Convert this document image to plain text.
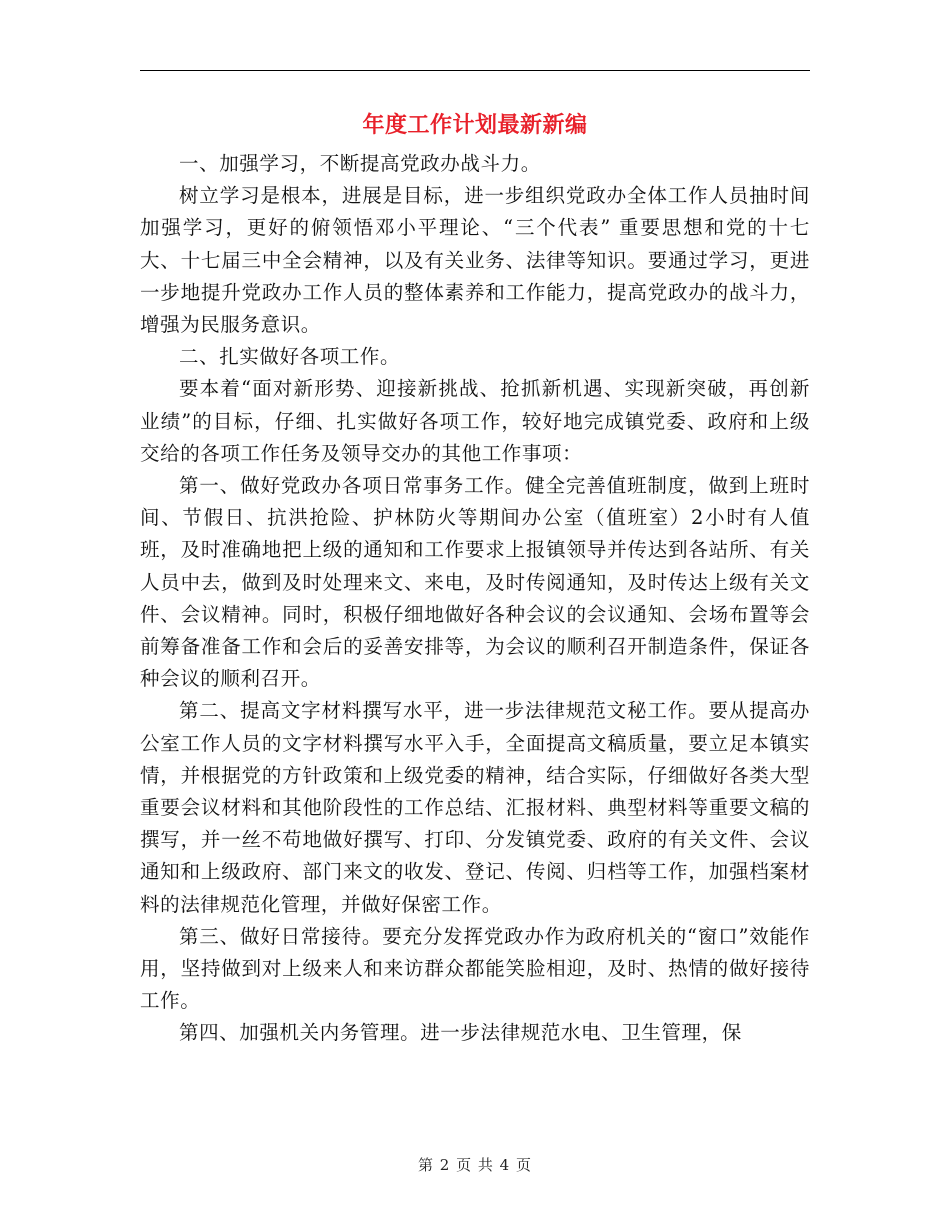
年度工作计划最新新编

一、加强学习，不断提高党政办战斗力。

树立学习是根本，进展是目标，进一步组织党政办全体工作人员抽时间加强学习，更好的俯领悟邓小平理论、“三个代表” 重要思想和党的十七大、十七届三中全会精神，以及有关业务、法律等知识。要通过学习，更进一步地提升党政办工作人员的整体素养和工作能力，提高党政办的战斗力，增强为民服务意识。

二、扎实做好各项工作。

要本着“面对新形势、迎接新挑战、抢抓新机遇、实现新突破，再创新业绩”的目标，仔细、扎实做好各项工作，较好地完成镇党委、政府和上级交给的各项工作任务及领导交办的其他工作事项：

第一、做好党政办各项日常事务工作。健全完善值班制度，做到上班时间、节假日、抗洪抢险、护林防火等期间办公室（值班室）2小时有人值班，及时准确地把上级的通知和工作要求上报镇领导并传达到各站所、有关人员中去，做到及时处理来文、来电，及时传阅通知，及时传达上级有关文件、会议精神。同时，积极仔细地做好各种会议的会议通知、会场布置等会前筹备准备工作和会后的妥善安排等，为会议的顺利召开制造条件，保证各种会议的顺利召开。

第二、提高文字材料撰写水平，进一步法律规范文秘工作。要从提高办公室工作人员的文字材料撰写水平入手，全面提高文稿质量，要立足本镇实情，并根据党的方针政策和上级党委的精神，结合实际，仔细做好各类大型重要会议材料和其他阶段性的工作总结、汇报材料、典型材料等重要文稿的撰写，并一丝不苟地做好撰写、打印、分发镇党委、政府的有关文件、会议通知和上级政府、部门来文的收发、登记、传阅、归档等工作，加强档案材料的法律规范化管理，并做好保密工作。

第三、做好日常接待。要充分发挥党政办作为政府机关的“窗口”效能作用，坚持做到对上级来人和来访群众都能笑脸相迎，及时、热情的做好接待工作。

第四、加强机关内务管理。进一步法律规范水电、卫生管理，保

第 2 页 共 4 页
